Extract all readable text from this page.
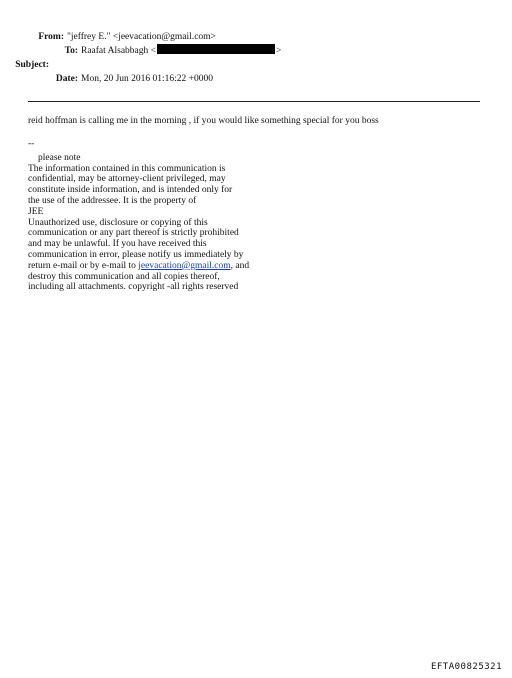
From: "jeffrey E." <jeevacation@gmail.com>
To: Raafat Alsabbagh <	>
Subject:
Date: Mon, 20 Jun 2016 01:16:22 +0000
reid hoffman is calling me in the morning , if you would like something special for you boss
--
please note
The information contained in this communication is
confidential, may be attorney-client privileged, may
constitute inside information, and is intended only for
the use of the addressee. It is the property of
JEE
Unauthorized use, disclosure or copying of this
communication or any part thereof is strictly prohibited
and may be unlawful. If you have received this
communication in error, please notify us immediately by
return e-mail or by e-mail to jeevacation@gmail.com, and
destroy this communication and all copies thereof,
including all attachments. copyright -all rights reserved
EFTA00825321
